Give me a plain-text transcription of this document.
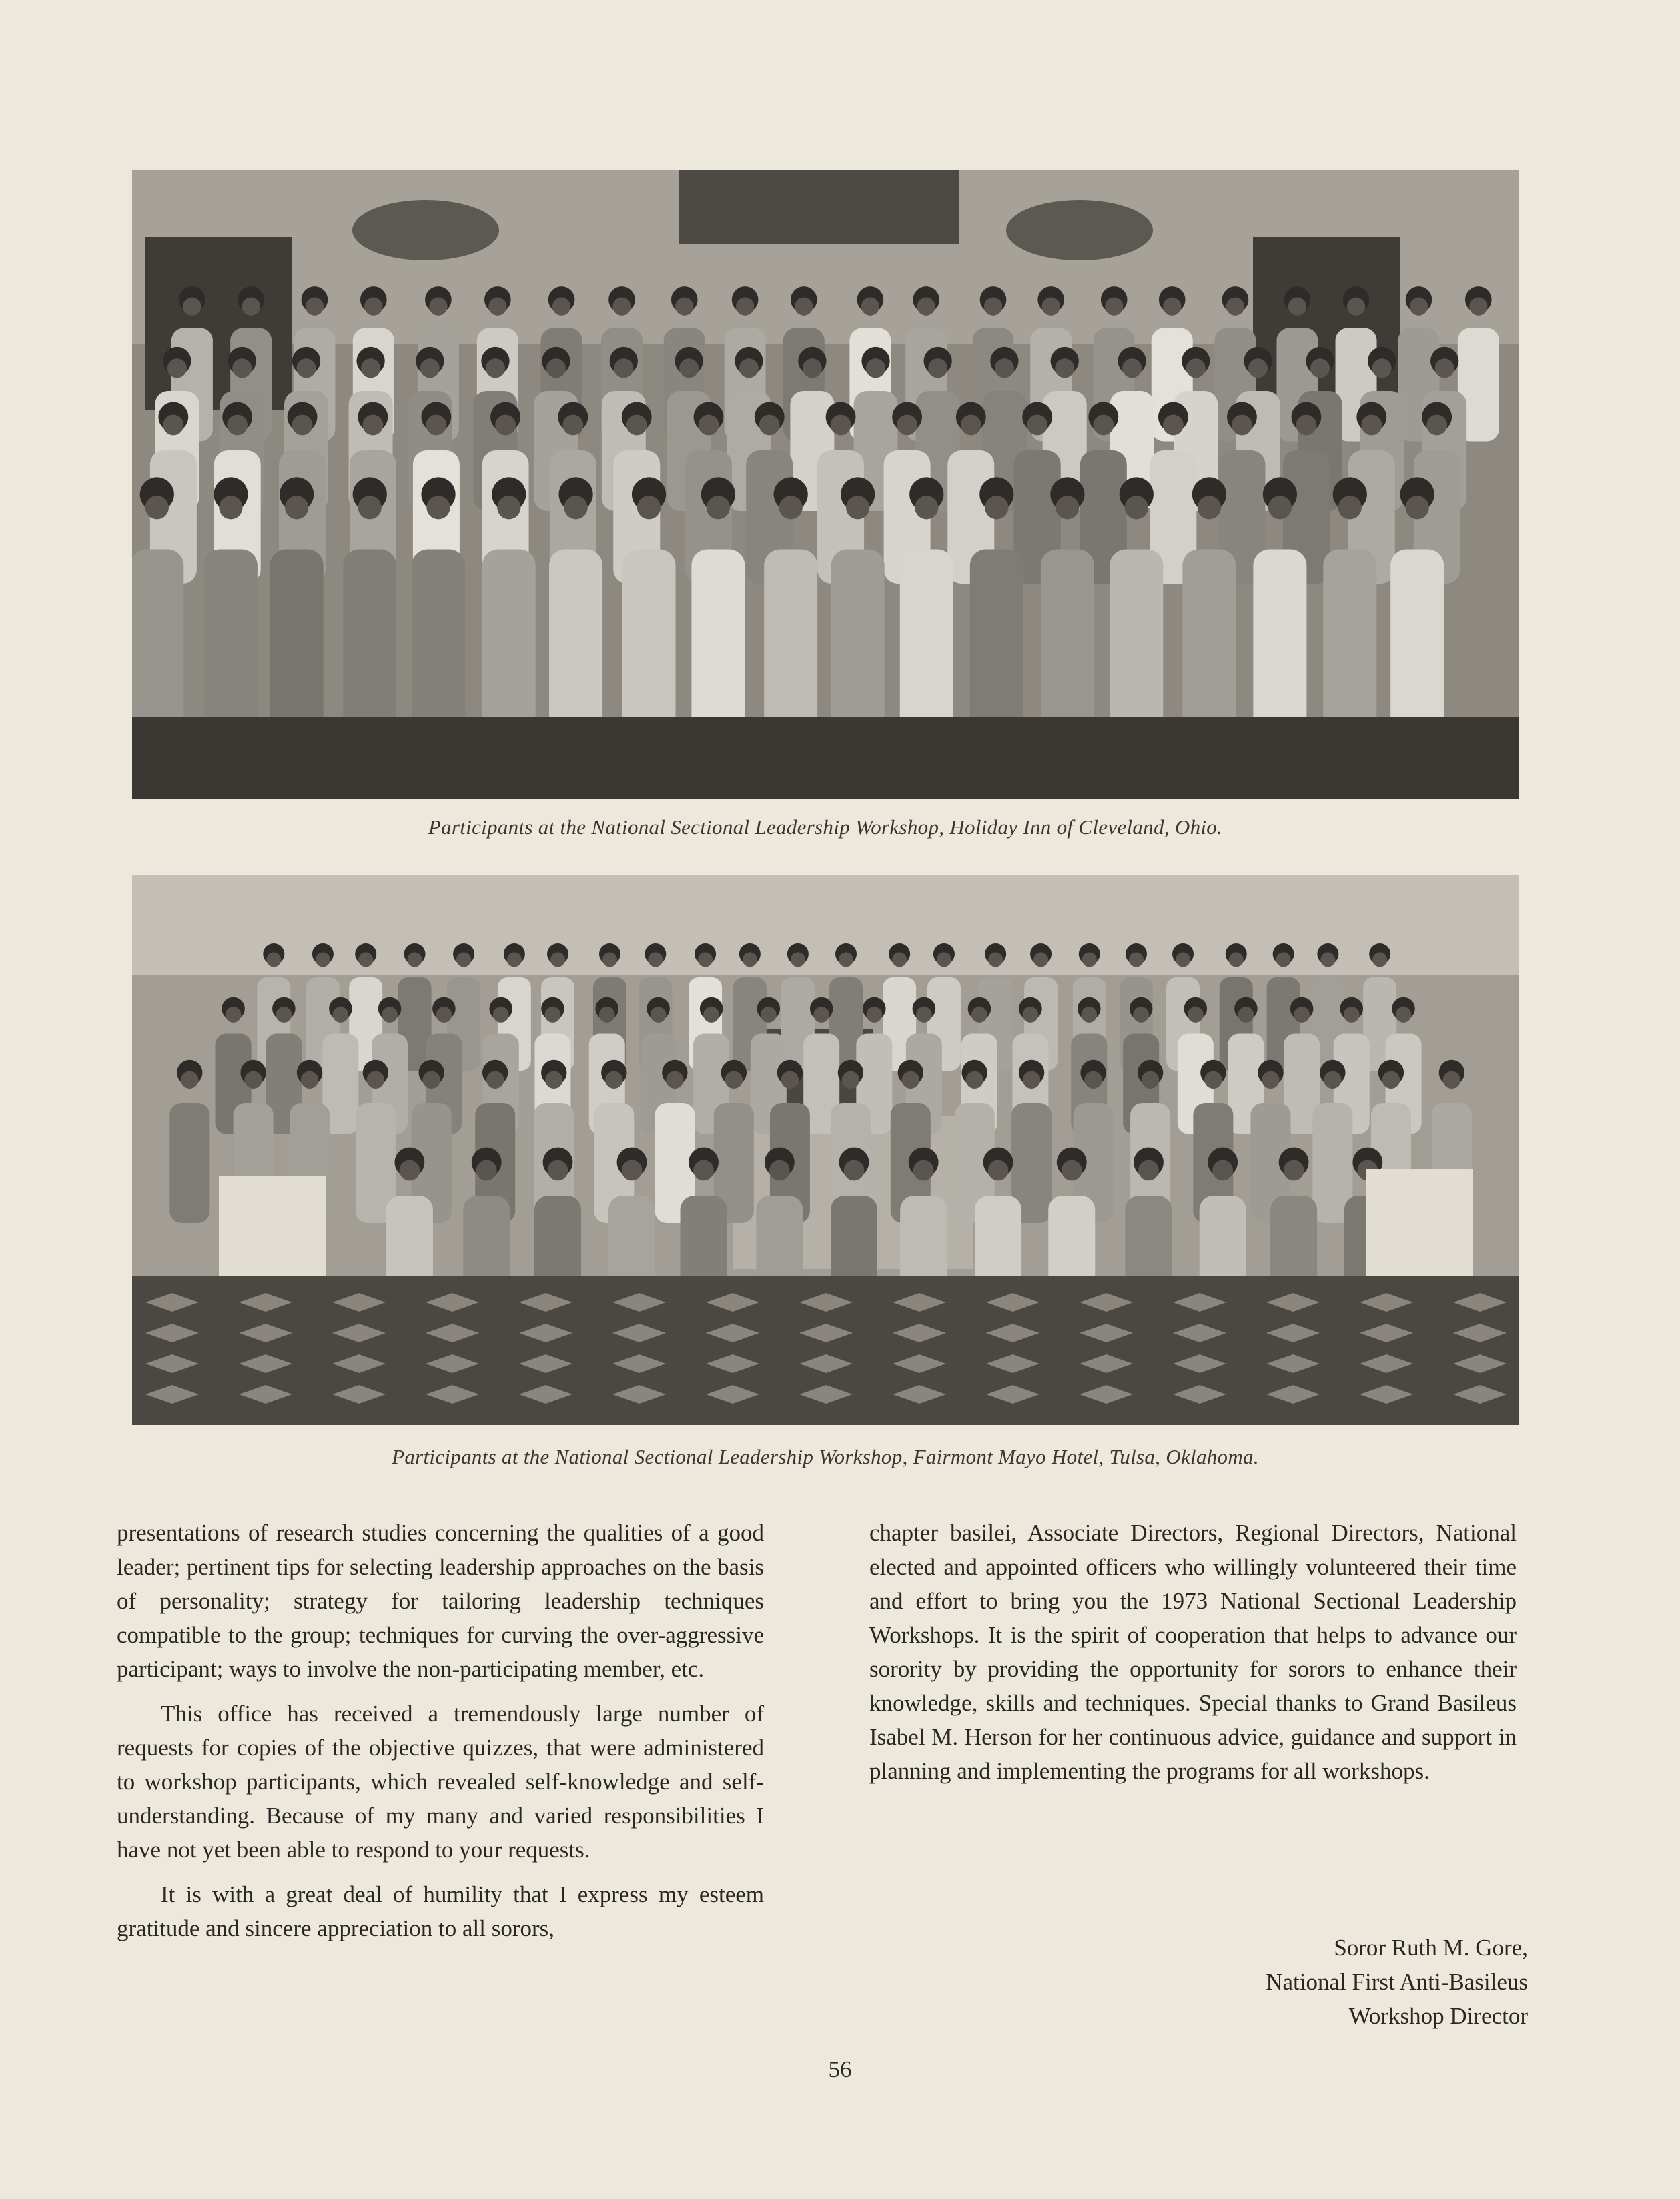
Participants at the National Sectional Leadership Workshop, Holiday Inn of Cleveland, Ohio.
Participants at the National Sectional Leadership Workshop, Fairmont Mayo Hotel, Tulsa, Oklahoma.

presentations of research studies concerning the qualities of a good leader; pertinent tips for selecting leadership approaches on the basis of personality; strategy for tailoring leadership techniques compatible to the group; techniques for curving the over-aggressive participant; ways to involve the non-participating member, etc.

This office has received a tremendously large number of requests for copies of the objective quizzes, that were administered to workshop participants, which revealed self-knowledge and self-understanding. Because of my many and varied responsibilities I have not yet been able to respond to your requests.

It is with a great deal of humility that I express my esteem gratitude and sincere appreciation to all sorors,

chapter basilei, Associate Directors, Regional Directors, National elected and appointed officers who willingly volunteered their time and effort to bring you the 1973 National Sectional Leadership Workshops. It is the spirit of cooperation that helps to advance our sorority by providing the opportunity for sorors to enhance their knowledge, skills and techniques. Special thanks to Grand Basileus Isabel M. Herson for her continuous advice, guidance and support in planning and implementing the programs for all workshops.

Soror Ruth M. Gore,
National First Anti-Basileus
Workshop Director
56
